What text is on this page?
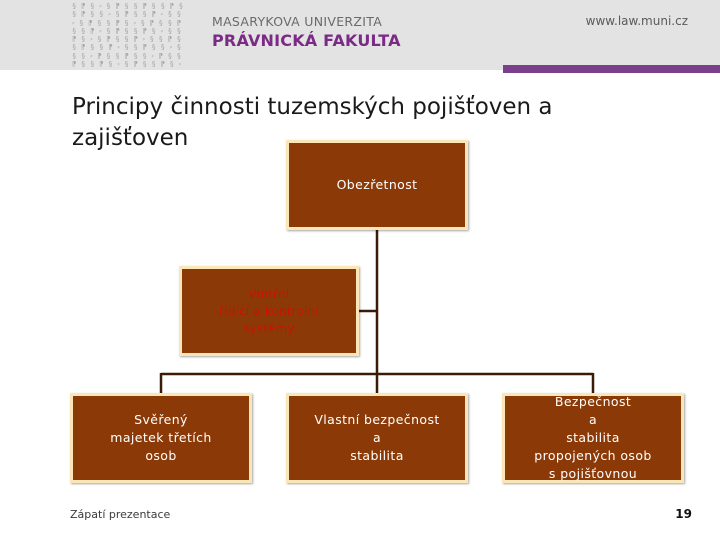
§ ⁋ § ⸗ § ⁋ § § ⁋ § § ⁋ §
§ ⁋ § § ⸗ § ⁋ § § ⁋ ⸗ § §
⸗ § ⁋ § § ⁋ § ⸗ § ⁋ § § ⁋
§ § ⁋ ⸗ § ⁋ § § ⁋ § ⸗ § §
⁋ § ⸗ § ⁋ § § ⁋ ⸗ § § ⁋ §
§ ⁋ § § ⁋ ⸗ § § ⁋ § § ⸗ §
§ § ⸗ ⁋ § § ⁋ § § ⸗ ⁋ § §
⁋ § § ⁋ § ⸗ § ⁋ § § ⁋ § ⸗
MASARYKOVA UNIVERZITA
PRÁVNICKÁ FAKULTA
www.law.muni.cz
Principy činnosti tuzemských pojišťoven a zajišťoven
Obezřetnost
Vnitřní
řídící a kontrolní
systémy
Svěřený
majetek třetích
osob
Vlastní bezpečnost
a
stabilita
Bezpečnost
a
stabilita
propojených osob
s pojišťovnou
Zápatí prezentace	19
